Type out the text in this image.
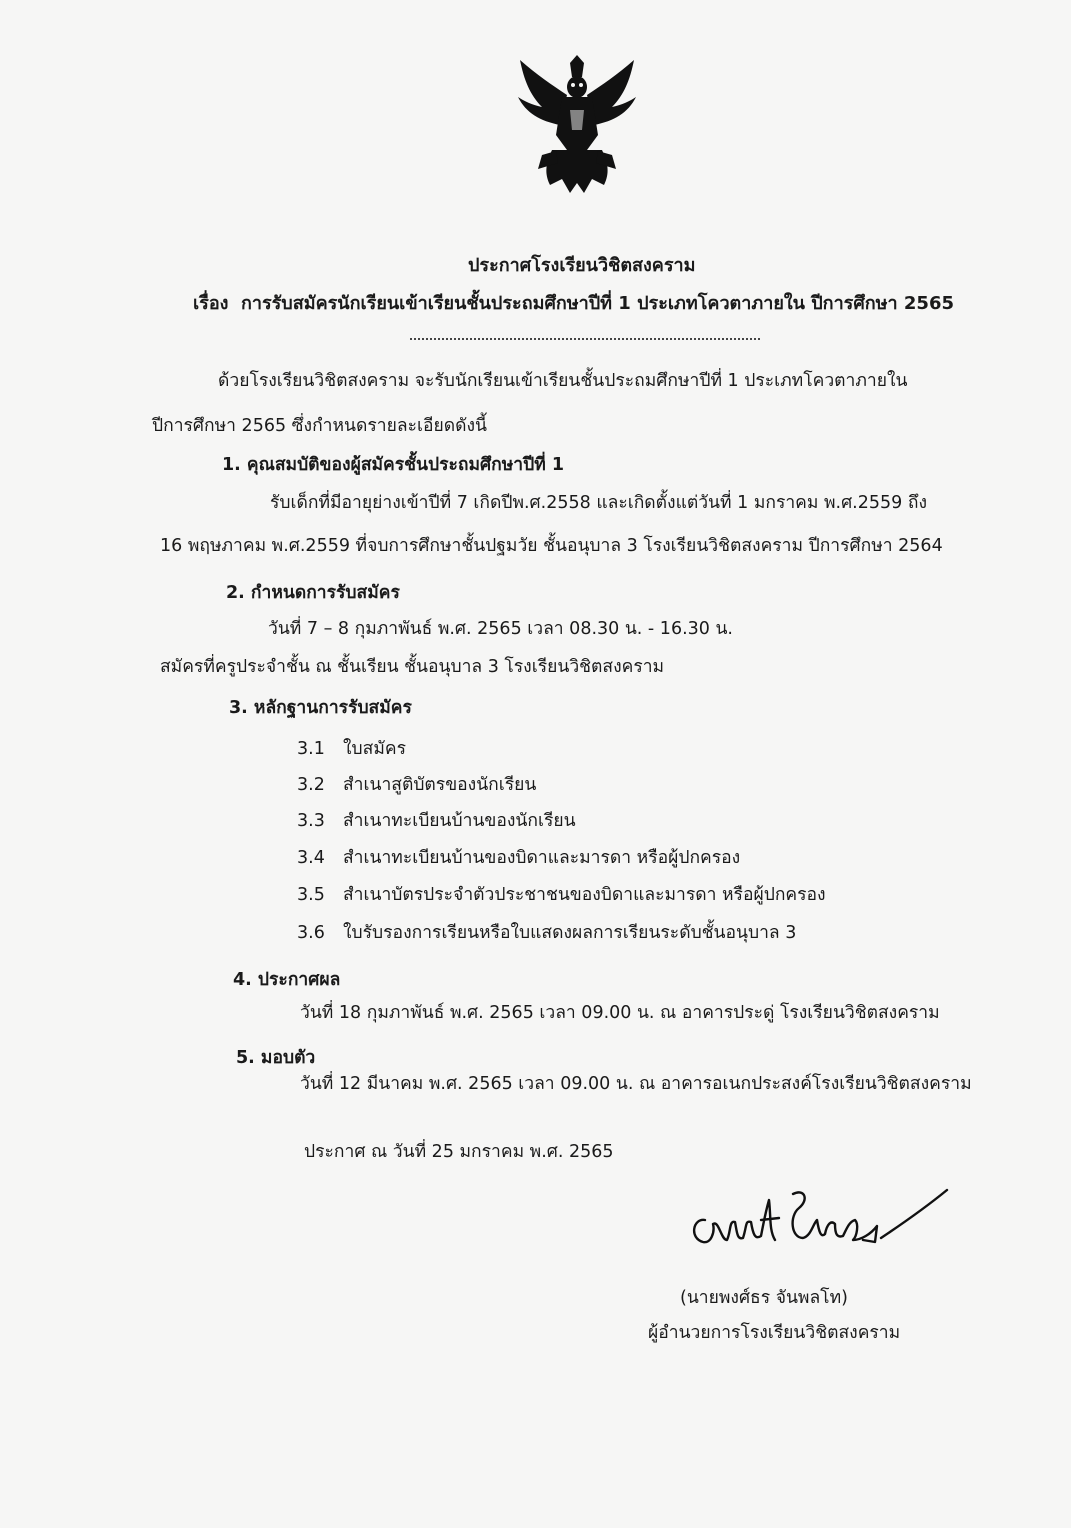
ประกาศโรงเรียนวิชิตสงคราม
เรื่อง การรับสมัครนักเรียนเข้าเรียนชั้นประถมศึกษาปีที่ 1 ประเภทโควตาภายใน ปีการศึกษา 2565
ด้วยโรงเรียนวิชิตสงคราม จะรับนักเรียนเข้าเรียนชั้นประถมศึกษาปีที่ 1 ประเภทโควตาภายใน
ปีการศึกษา 2565 ซึ่งกำหนดรายละเอียดดังนี้
1. คุณสมบัติของผู้สมัครชั้นประถมศึกษาปีที่ 1
รับเด็กที่มีอายุย่างเข้าปีที่ 7 เกิดปีพ.ศ.2558 และเกิดตั้งแต่วันที่ 1 มกราคม พ.ศ.2559 ถึง
16 พฤษภาคม พ.ศ.2559 ที่จบการศึกษาชั้นปฐมวัย ชั้นอนุบาล 3 โรงเรียนวิชิตสงคราม ปีการศึกษา 2564
2. กำหนดการรับสมัคร
วันที่ 7 – 8 กุมภาพันธ์ พ.ศ. 2565 เวลา 08.30 น. - 16.30 น.
สมัครที่ครูประจำชั้น ณ ชั้นเรียน ชั้นอนุบาล 3 โรงเรียนวิชิตสงคราม
3. หลักฐานการรับสมัคร
3.1 ใบสมัคร
3.2 สำเนาสูติบัตรของนักเรียน
3.3 สำเนาทะเบียนบ้านของนักเรียน
3.4 สำเนาทะเบียนบ้านของบิดาและมารดา หรือผู้ปกครอง
3.5 สำเนาบัตรประจำตัวประชาชนของบิดาและมารดา หรือผู้ปกครอง
3.6 ใบรับรองการเรียนหรือใบแสดงผลการเรียนระดับชั้นอนุบาล 3
4. ประกาศผล
วันที่ 18 กุมภาพันธ์ พ.ศ. 2565 เวลา 09.00 น. ณ อาคารประดู่ โรงเรียนวิชิตสงคราม
5. มอบตัว
วันที่ 12 มีนาคม พ.ศ. 2565 เวลา 09.00 น. ณ อาคารอเนกประสงค์โรงเรียนวิชิตสงคราม
ประกาศ ณ วันที่ 25 มกราคม พ.ศ. 2565
(นายพงศ์ธร จันพลโท)
ผู้อำนวยการโรงเรียนวิชิตสงคราม
